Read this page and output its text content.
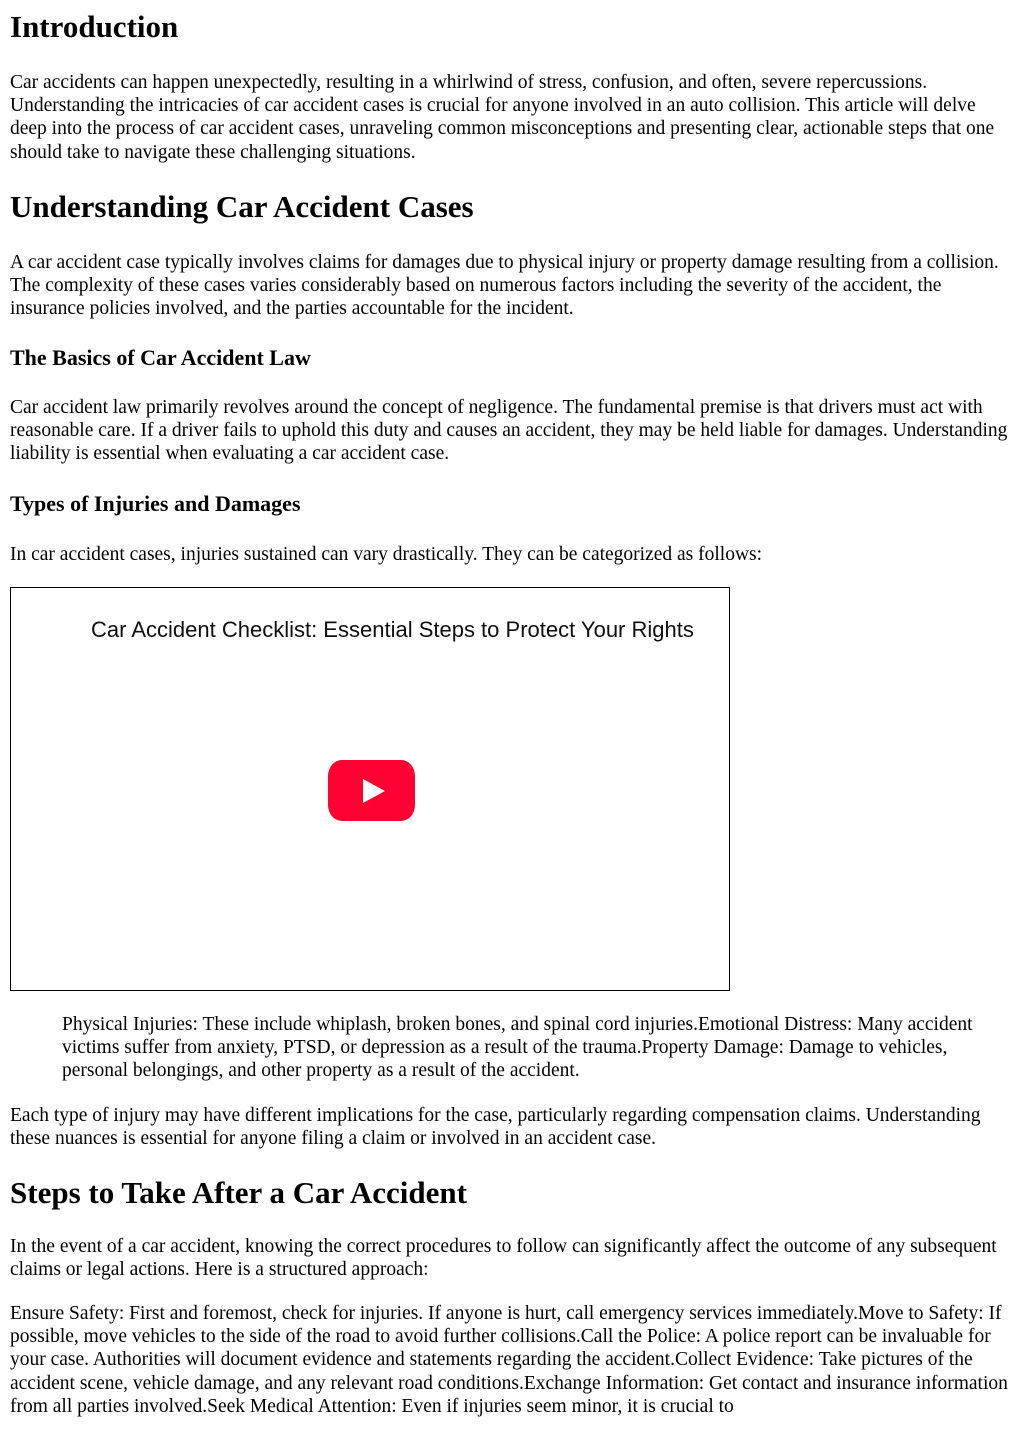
Introduction

Car accidents can happen unexpectedly, resulting in a whirlwind of stress, confusion, and often, severe repercussions. Understanding the intricacies of car accident cases is crucial for anyone involved in an auto collision. This article will delve deep into the process of car accident cases, unraveling common misconceptions and presenting clear, actionable steps that one should take to navigate these challenging situations.

Understanding Car Accident Cases

A car accident case typically involves claims for damages due to physical injury or property damage resulting from a collision. The complexity of these cases varies considerably based on numerous factors including the severity of the accident, the insurance policies involved, and the parties accountable for the incident.

The Basics of Car Accident Law

Car accident law primarily revolves around the concept of negligence. The fundamental premise is that drivers must act with reasonable care. If a driver fails to uphold this duty and causes an accident, they may be held liable for damages. Understanding liability is essential when evaluating a car accident case.

Types of Injuries and Damages

In car accident cases, injuries sustained can vary drastically. They can be categorized as follows:

Car Accident Checklist: Essential Steps to Protect Your Rights

Physical Injuries: These include whiplash, broken bones, and spinal cord injuries.Emotional Distress: Many accident victims suffer from anxiety, PTSD, or depression as a result of the trauma.Property Damage: Damage to vehicles, personal belongings, and other property as a result of the accident.

Each type of injury may have different implications for the case, particularly regarding compensation claims. Understanding these nuances is essential for anyone filing a claim or involved in an accident case.

Steps to Take After a Car Accident

In the event of a car accident, knowing the correct procedures to follow can significantly affect the outcome of any subsequent claims or legal actions. Here is a structured approach:

Ensure Safety: First and foremost, check for injuries. If anyone is hurt, call emergency services immediately.Move to Safety: If possible, move vehicles to the side of the road to avoid further collisions.Call the Police: A police report can be invaluable for your case. Authorities will document evidence and statements regarding the accident.Collect Evidence: Take pictures of the accident scene, vehicle damage, and any relevant road conditions.Exchange Information: Get contact and insurance information from all parties involved.Seek Medical Attention: Even if injuries seem minor, it is crucial to
